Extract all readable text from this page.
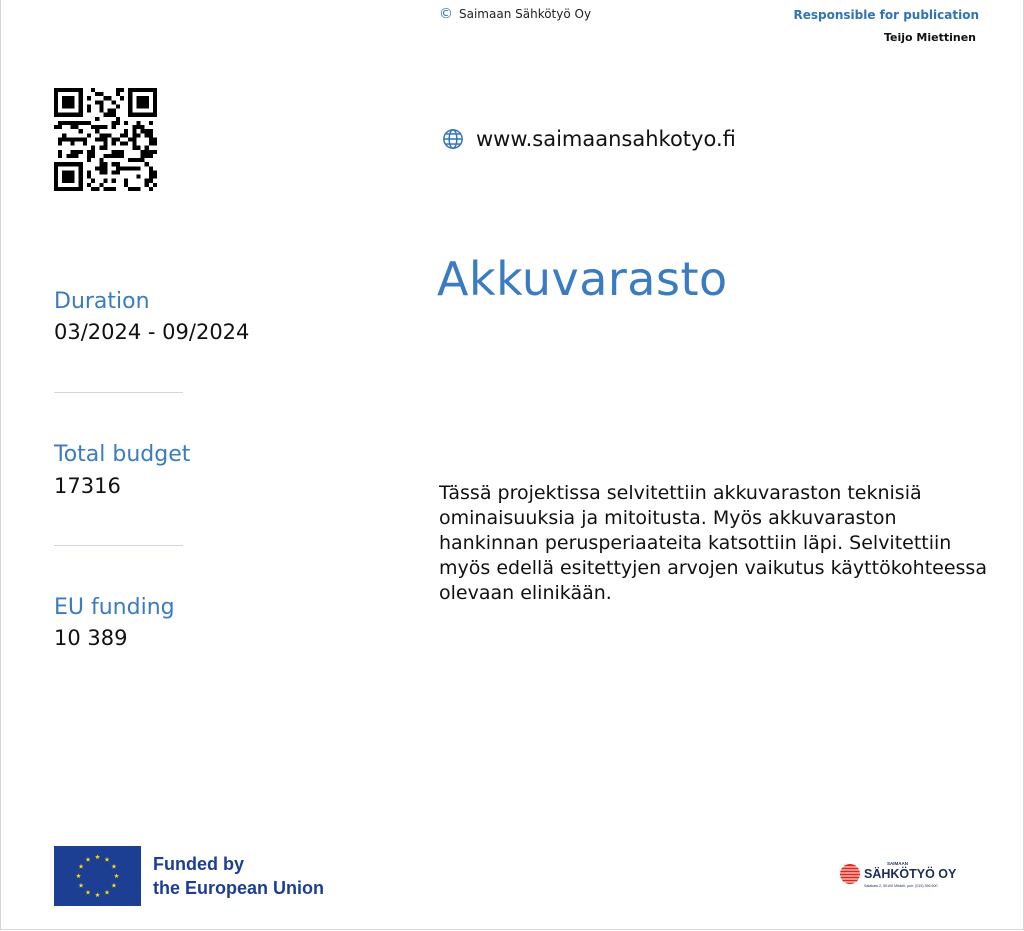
© Saimaan Sähkötyö Oy	Responsible for publication
Teijo Miettinen
www.saimaansahkotyo.fi
Akkuvarasto
Duration
03/2024 - 09/2024
Total budget
17316
EU funding
10 389
Tässä projektissa selvitettiin akkuvaraston teknisiä ominaisuuksia ja mitoitusta. Myös akkuvaraston hankinnan perusperiaateita katsottiin läpi. Selvitettiin myös edellä esitettyjen arvojen vaikutus käyttökohteessa olevaan elinikään.
Funded by
the European Union
SAIMAAN
SÄHKÖTYÖ OY
Satakatu 2, 50100 Mikkeli, puh. (015) 356 600
